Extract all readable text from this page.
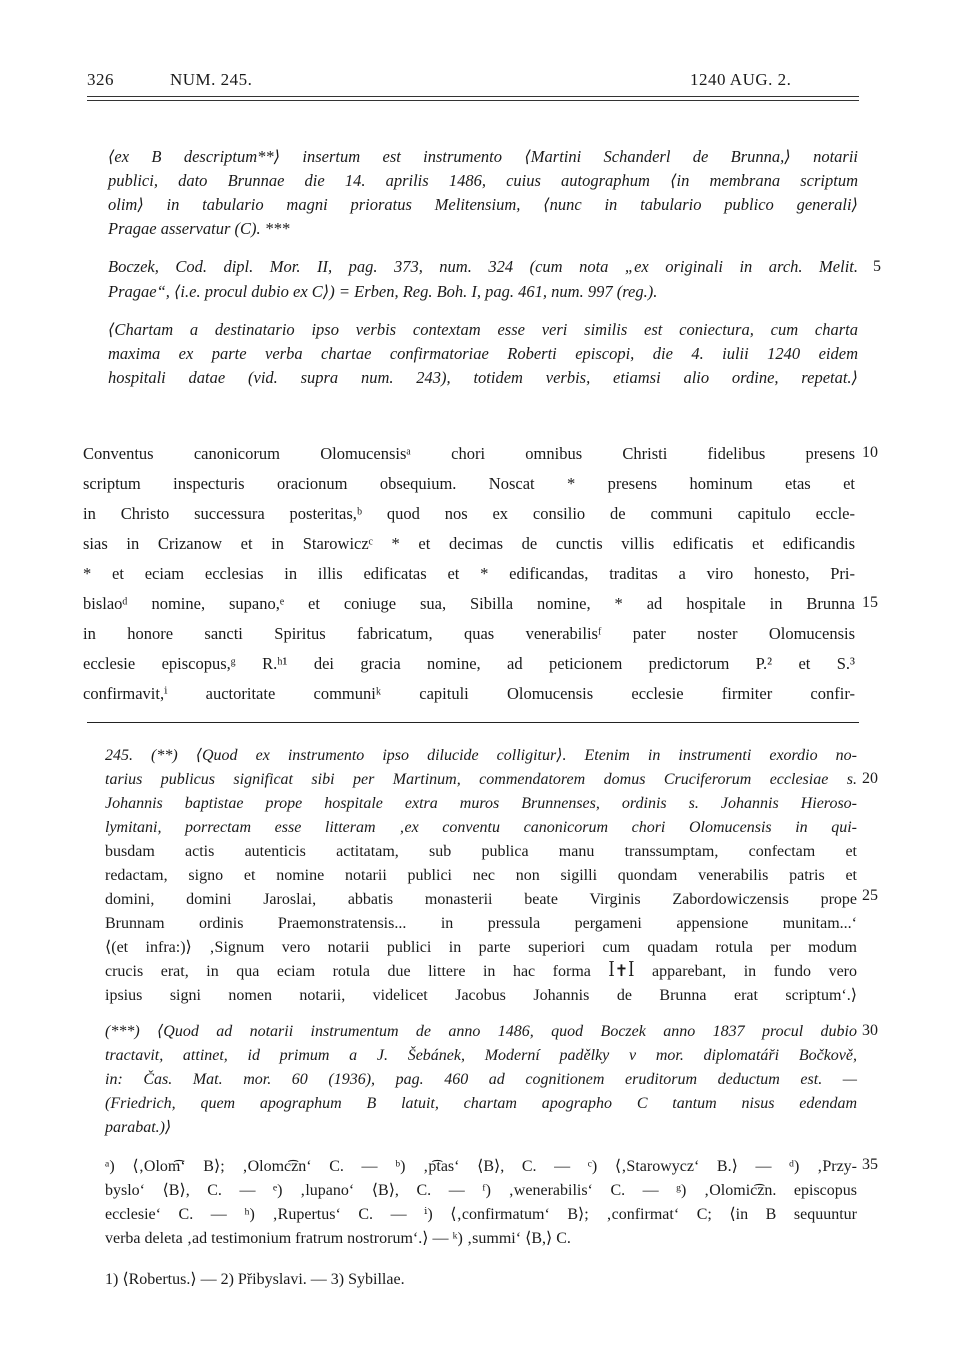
326	NUM. 245.	1240 AUG. 2.
⟨ex B descriptum**⟩ insertum est instrumento ⟨Martini Schanderl de Brunna,⟩ notarii
publici, dato Brunnae die 14. aprilis 1486, cuius autographum ⟨in membrana scriptum
olim⟩ in tabulario magni prioratus Melitensium, ⟨nunc in tabulario publico generali⟩
Pragae asservatur (C). ***
Boczek, Cod. dipl. Mor. II, pag. 373, num. 324 (cum nota „ex originali in arch. Melit.
Pragae“, ⟨i.e. procul dubio ex C⟩) = Erben, Reg. Boh. I, pag. 461, num. 997 (reg.).
⟨Chartam a destinatario ipso verbis contextam esse veri similis est coniectura, cum charta
maxima ex parte verba chartae confirmatoriae Roberti episcopi, die 4. iulii 1240 eidem
hospitali datae (vid. supra num. 243), totidem verbis, etiamsi alio ordine, repetat.⟩
Conventus canonicorum Olomucensisᵃ chori omnibus Christi fidelibus presens
scriptum inspecturis oracionum obsequium. Noscat * presens hominum etas et
in Christo successura posteritas,ᵇ quod nos ex consilio de communi capitulo eccle-
sias in Crizanow et in Starowiczᶜ * et decimas de cunctis villis edificatis et edificandis
* et eciam ecclesias in illis edificatas et * edificandas, traditas a viro honesto, Pri-
bislaoᵈ nomine, supano,ᵉ et coniuge sua, Sibilla nomine, * ad hospitale in Brunna
in honore sancti Spiritus fabricatum, quas venerabilisᶠ pater noster Olomucensis
ecclesie episcopus,ᵍ R.ʰ¹ dei gracia nomine, ad peticionem predictorum P.² et S.³
confirmavit,ⁱ auctoritate communiᵏ capituli Olomucensis ecclesie firmiter confir-
245. (**) ⟨Quod ex instrumento ipso dilucide colligitur⟩. Etenim in instrumenti exordio no-
tarius publicus significat sibi per Martinum, commendatorem domus Cruciferorum ecclesiae s.
Johannis baptistae prope hospitale extra muros Brunnenses, ordinis s. Johannis Hieroso-
lymitani, porrectam esse litteram ‚ex conventu canonicorum chori Olomucensis in qui-
busdam actis autenticis actitatam, sub publica manu transsumptam, confectam et
redactam, signo et nomine notarii publici nec non sigilli quondam venerabilis patris et
domini, domini Jaroslai, abbatis monasterii beate Virginis Zabordowiczensis prope
Brunnam ordinis Praemonstratensis... in pressula pergameni appensione munitam...‘
⟨(et infra:)⟩ ‚Signum vero notarii publici in parte superiori cum quadam rotula per modum
crucis erat, in qua eciam rotula due littere in hac forma ꟾ✝ꟾ apparebant, in fundo vero
ipsius signi nomen notarii, videlicet Jacobus Johannis de Brunna erat scriptum‘.⟩
(***) ⟨Quod ad notarii instrumentum de anno 1486, quod Boczek anno 1837 procul dubio
tractavit, attinet, id primum a J. Šebánek, Moderní padělky v mor. diplomatáři Bočkově,
in: Čas. Mat. mor. 60 (1936), pag. 460 ad cognitionem eruditorum deductum est. —
(Friedrich, quem apographum B latuit, chartam apographo C tantum nisus edendam
parabat.)⟩
ᵃ) ⟨‚Olom͡‘ B⟩; ‚Olomc͡zn‘ C. — ᵇ) ‚p͡tas‘ ⟨B⟩, C. — ᶜ) ⟨‚Starowycz‘ B.⟩ — ᵈ) ‚Przy-
byslo‘ ⟨B⟩, C. — ᵉ) ‚lupano‘ ⟨B⟩, C. — ᶠ) ‚wenerabilis‘ C. — ᵍ) ‚Olomic͡zn. episcopus
ecclesie‘ C. — ʰ) ‚Rupertus‘ C. — ⁱ) ⟨‚confirmatum‘ B⟩; ‚confirmat‘ C; ⟨in B sequuntur
verba deleta ‚ad testimonium fratrum nostrorum‘.⟩ — ᵏ) ‚summi‘ ⟨B,⟩ C.
1) ⟨Robertus.⟩ — 2) Přibyslavi. — 3) Sybillae.
5
10
15
20
25
30
35
